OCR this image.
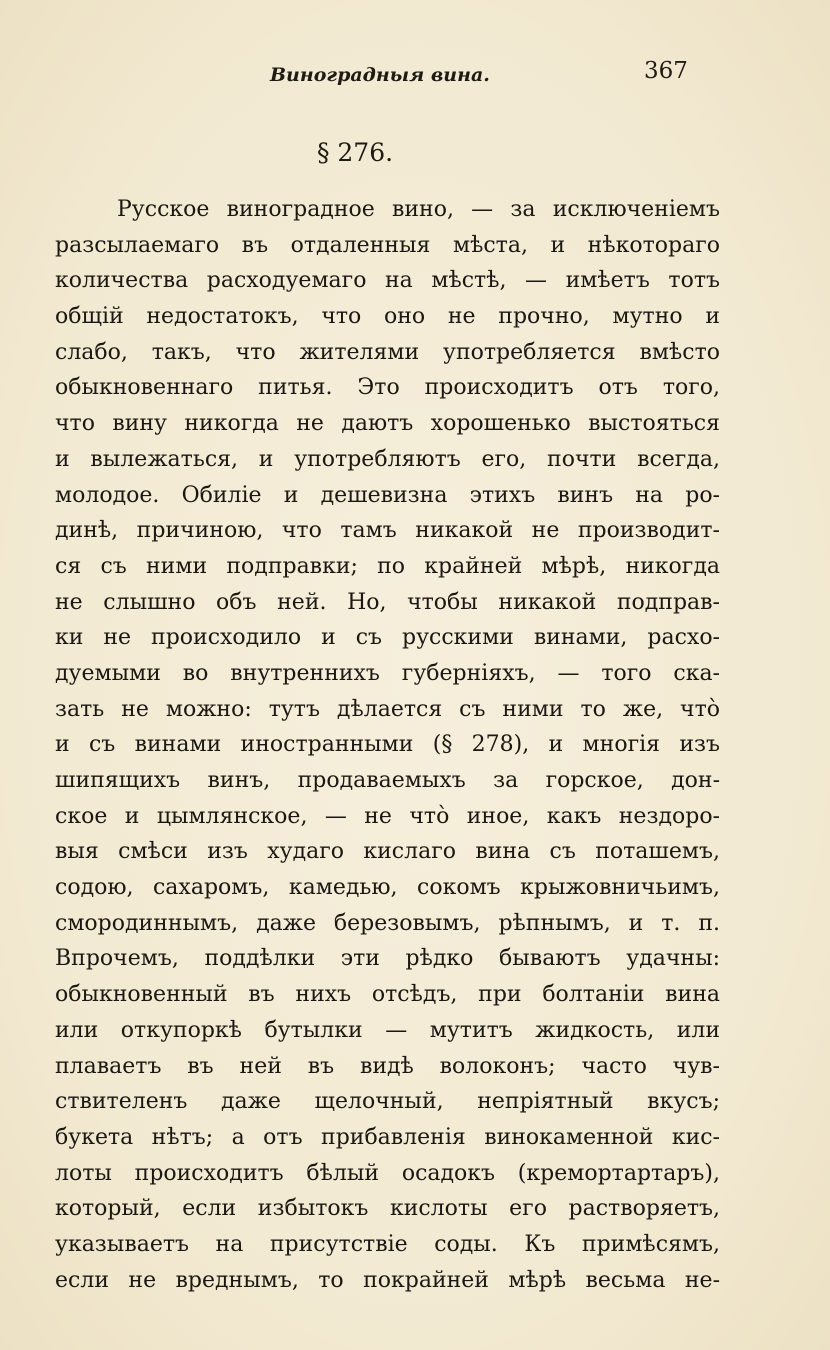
Виноградныя вина.	367
§ 276.
Русское виноградное вино, — за исключенiемъ
разсылаемаго въ отдаленныя мѣста, и нѣкотораго
количества расходуемаго на мѣстѣ, — имѣетъ тотъ
общiй недостатокъ, что оно не прочно, мутно и
слабо, такъ, что жителями употребляется вмѣсто
обыкновеннаго питья. Это происходитъ отъ того,
что вину никогда не даютъ хорошенько выстояться
и вылежаться, и употребляютъ его, почти всегда,
молодое. Обилiе и дешевизна этихъ винъ на ро-
динѣ, причиною, что тамъ никакой не производит-
ся съ ними подправки; по крайней мѣрѣ, никогда
не слышно объ ней. Но, чтобы никакой подправ-
ки не происходило и съ русскими винами, расхо-
дуемыми во внутреннихъ губернiяхъ, — того ска-
зать не можно: тутъ дѣлается съ ними то же, что̀
и съ винами иностранными (§ 278), и многiя изъ
шипящихъ винъ, продаваемыхъ за горское, дон-
ское и цымлянское, — не что̀ иное, какъ нездоро-
выя смѣси изъ худаго кислаго вина съ поташемъ,
содою, сахаромъ, камедью, сокомъ крыжовничьимъ,
смородиннымъ, даже березовымъ, рѣпнымъ, и т. п.
Впрочемъ, поддѣлки эти рѣдко бываютъ удачны:
обыкновенный въ нихъ отсѣдъ, при болтанiи вина
или откупоркѣ бутылки — мутитъ жидкость, или
плаваетъ въ ней въ видѣ волоконъ; часто чув-
ствителенъ даже щелочный, непрiятный вкусъ;
букета нѣтъ; а отъ прибавленiя винокаменной кис-
лоты происходитъ бѣлый осадокъ (кремортартаръ),
который, если избытокъ кислоты его растворяетъ,
указываетъ на присутствiе соды. Къ примѣсямъ,
если не вреднымъ, то покрайней мѣрѣ весьма не-
